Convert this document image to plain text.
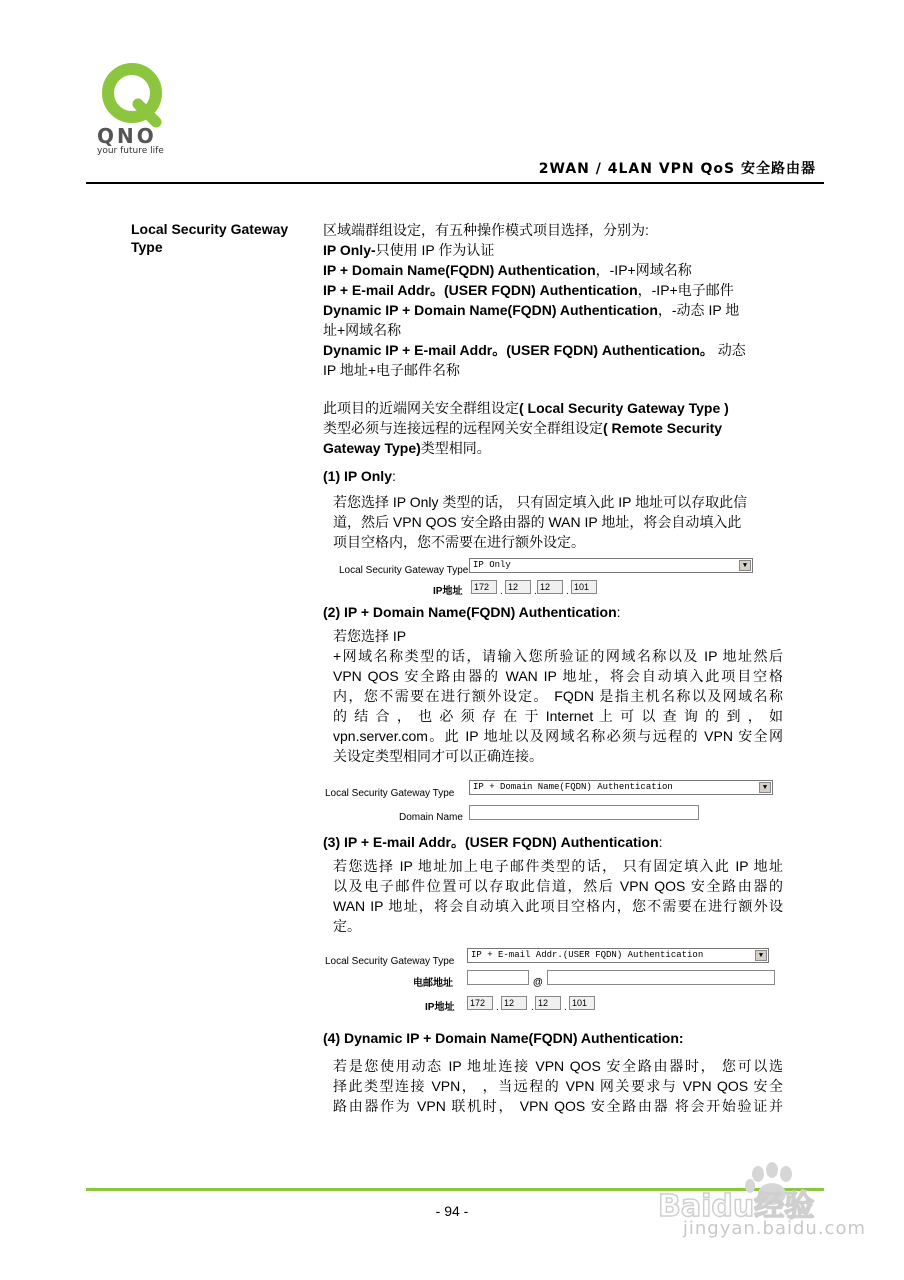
QNO
your future life
2WAN / 4LAN VPN QoS 安全路由器
Local Security Gateway Type

区域端群组设定，有五种操作模式项目选择，分别为:

IP Only-只使用 IP 作为认证

IP + Domain Name(FQDN) Authentication，-IP+网域名称

IP + E-mail Addr。(USER FQDN) Authentication，-IP+电子邮件

Dynamic IP + Domain Name(FQDN) Authentication，-动态 IP 地

址+网域名称

Dynamic IP + E-mail Addr。(USER FQDN) Authentication。 动态

IP 地址+电子邮件名称

此项目的近端网关安全群组设定( Local Security Gateway Type )

类型必须与连接远程的远程网关安全群组设定( Remote Security

Gateway Type)类型相同。

(1) IP Only:

若您选择 IP Only 类型的话， 只有固定填入此 IP 地址可以存取此信

道，然后 VPN QOS 安全路由器的 WAN IP 地址，将会自动填入此

项目空格内，您不需要在进行额外设定。

Local Security Gateway Type IP Only	▼
IP地址	172	. 12	. 12	. 101

(2) IP + Domain Name(FQDN) Authentication:

若您选择 IP

+网域名称类型的话，请输入您所验证的网域名称以及 IP 地址然后

VPN QOS 安全路由器的 WAN IP 地址，将会自动填入此项目空格

内，您不需要在进行额外设定。 FQDN 是指主机名称以及网域名称

的 结 合 ， 也 必 须 存 在 于 Internet 上 可 以 查 询 的 到 ， 如

vpn.server.com。此 IP 地址以及网域名称必须与远程的 VPN 安全网

关设定类型相同才可以正确连接。

Local Security Gateway Type
IP + Domain Name(FQDN) Authentication	▼
Domain Name

(3) IP + E-mail Addr。(USER FQDN) Authentication:

若您选择 IP 地址加上电子邮件类型的话， 只有固定填入此 IP 地址

以及电子邮件位置可以存取此信道，然后 VPN QOS 安全路由器的

WAN IP 地址，将会自动填入此项目空格内，您不需要在进行额外设

定。

Local Security Gateway Type
IP + E-mail Addr.(USER FQDN) Authentication	▼
电邮地址	@
IP地址	172	. 12	. 12	. 101

(4) Dynamic IP + Domain Name(FQDN) Authentication:

若是您使用动态 IP 地址连接 VPN QOS 安全路由器时， 您可以选

择此类型连接 VPN， ，当远程的 VPN 网关要求与 VPN QOS 安全

路由器作为 VPN 联机时， VPN QOS 安全路由器 将会开始验证并

- 94 -	Baidu经验
jingyan.baidu.com
